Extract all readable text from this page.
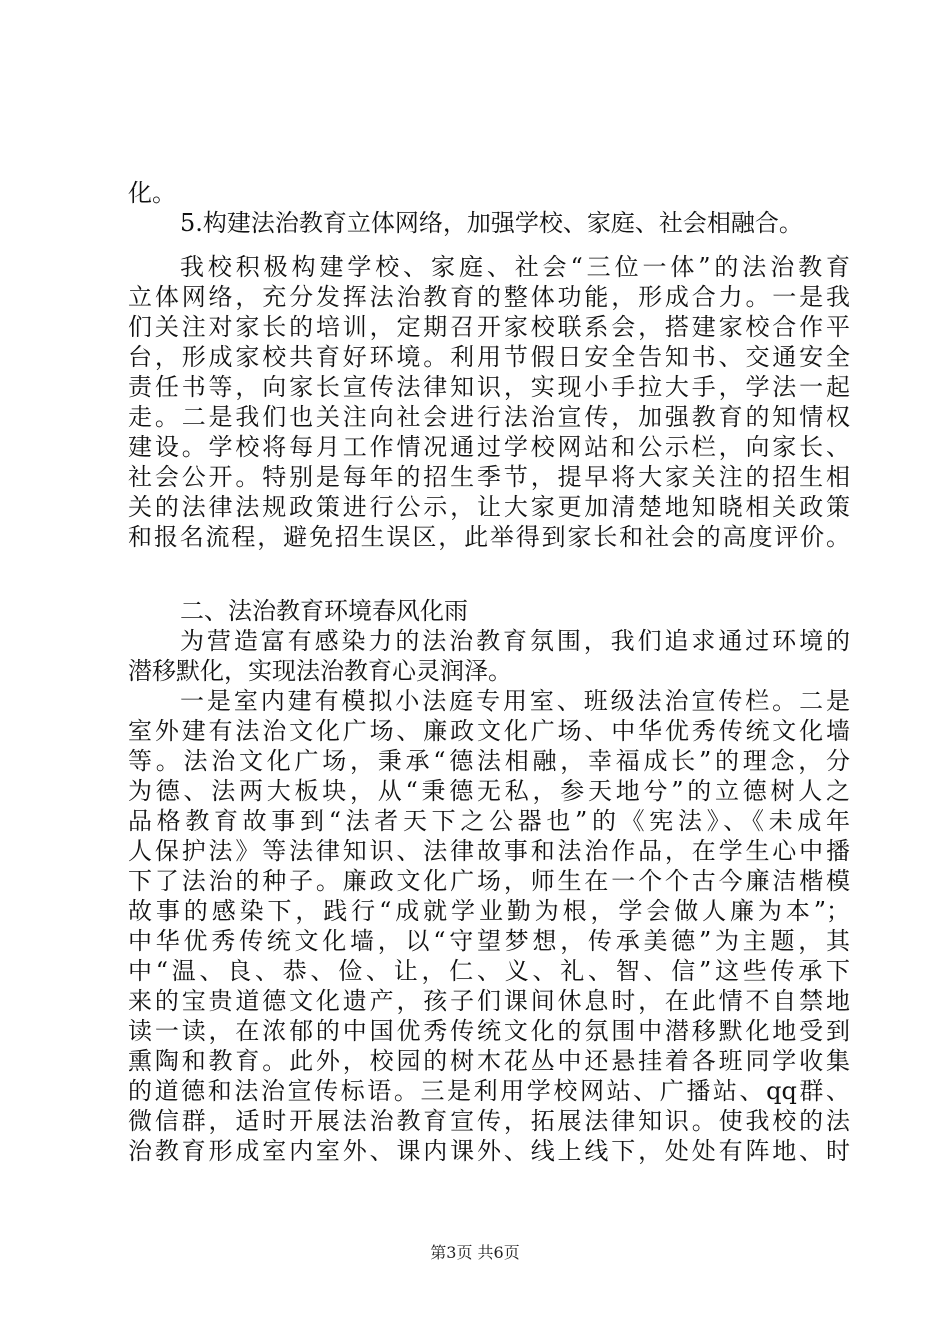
化。
5.构建法治教育立体网络，加强学校、家庭、社会相融合。
我校积极构建学校、家庭、社会“三位一体”的法治教育
立体网络，充分发挥法治教育的整体功能，形成合力。一是我
们关注对家长的培训，定期召开家校联系会，搭建家校合作平
台，形成家校共育好环境。利用节假日安全告知书、交通安全
责任书等，向家长宣传法律知识，实现小手拉大手，学法一起
走。二是我们也关注向社会进行法治宣传，加强教育的知情权
建设。学校将每月工作情况通过学校网站和公示栏，向家长、
社会公开。特别是每年的招生季节，提早将大家关注的招生相
关的法律法规政策进行公示，让大家更加清楚地知晓相关政策
和报名流程，避免招生误区，此举得到家长和社会的高度评价。
二、法治教育环境春风化雨
为营造富有感染力的法治教育氛围，我们追求通过环境的
潜移默化，实现法治教育心灵润泽。
一是室内建有模拟小法庭专用室、班级法治宣传栏。二是
室外建有法治文化广场、廉政文化广场、中华优秀传统文化墙
等。法治文化广场，秉承“德法相融，幸福成长”的理念，分
为德、法两大板块，从“秉德无私，参天地兮”的立德树人之
品格教育故事到“法者天下之公器也”的《宪法》、《未成年
人保护法》等法律知识、法律故事和法治作品，在学生心中播
下了法治的种子。廉政文化广场，师生在一个个古今廉洁楷模
故事的感染下，践行“成就学业勤为根，学会做人廉为本”；
中华优秀传统文化墙，以“守望梦想，传承美德”为主题，其
中“温、良、恭、俭、让，仁、义、礼、智、信”这些传承下
来的宝贵道德文化遗产，孩子们课间休息时，在此情不自禁地
读一读，在浓郁的中国优秀传统文化的氛围中潜移默化地受到
熏陶和教育。此外，校园的树木花丛中还悬挂着各班同学收集
的道德和法治宣传标语。三是利用学校网站、广播站、qq群、
微信群，适时开展法治教育宣传，拓展法律知识。使我校的法
治教育形成室内室外、课内课外、线上线下，处处有阵地、时
第3页 共6页
